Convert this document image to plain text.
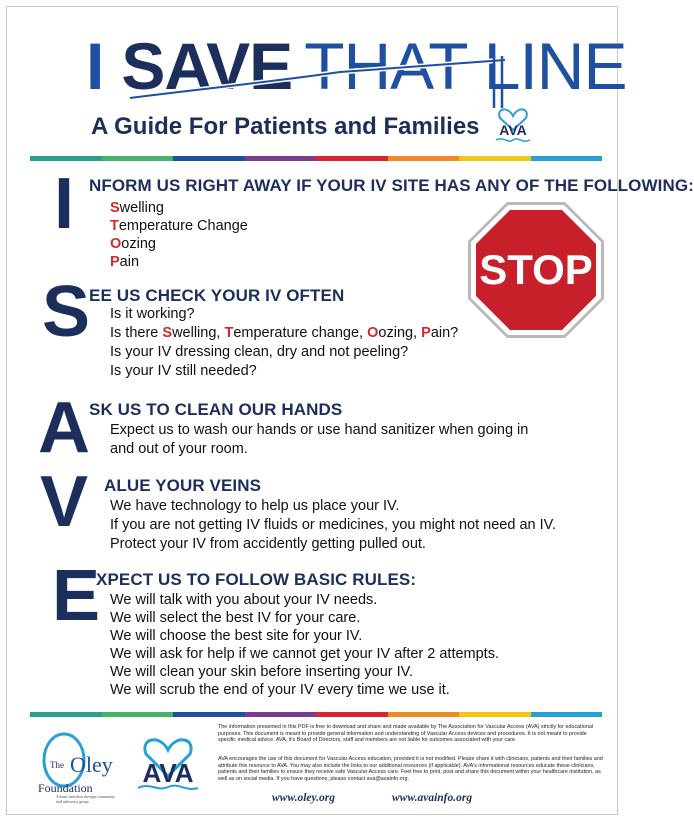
I SAVE THAT LINE
A Guide For Patients and Families AVA
I NFORM US RIGHT AWAY IF YOUR IV SITE HAS ANY OF THE FOLLOWING:
Swelling
Temperature Change
Oozing
Pain	STOP
S
EE US CHECK YOUR IV OFTEN
Is it working?
Is there Swelling, Temperature change, Oozing, Pain?
Is your IV dressing clean, dry and not peeling?
Is your IV still needed?
A SK US TO CLEAN OUR HANDS
Expect us to wash our hands or use hand sanitizer when going in
and out of your room.
V ALUE YOUR VEINS
We have technology to help us place your IV.
If you are not getting IV fluids or medicines, you might not need an IV.
Protect your IV from accidently getting pulled out.
E
XPECT US TO FOLLOW BASIC RULES:
We will talk with you about your IV needs.
We will select the best IV for your care.
We will choose the best site for your IV.
We will ask for help if we cannot get your IV after 2 attempts.
We will clean your skin before inserting your IV.
We will scrub the end of your IV every time we use it.
The Oley
Foundation
A home nutrition therapy community and advocacy group
AVA
The information presented in this PDF is free to download and share and made available by The Association for Vascular Access (AVA) strictly for educational purposes. This document is meant to provide general information and understanding of Vascular Access devices and procedures. It is not meant to provide specific medical advice. AVA, it's Board of Directors, staff and members are not liable for outcomes associated with your care.
AVA encourages the use of this document for Vascular Access education, provided it is not modified. Please share it with clinicians, patients and their families and attribute this resource to AVA. You may also include the links to our additional resources (if applicable). AVA's informational resources educate these clinicians, patients and their families to ensure they receive safe Vascular Access care. Feel free to print, post and share this document within your healthcare institution, as well as on social media. If you have questions, please contact ava@avainfo.org.
www.oley.org	www.avainfo.org
